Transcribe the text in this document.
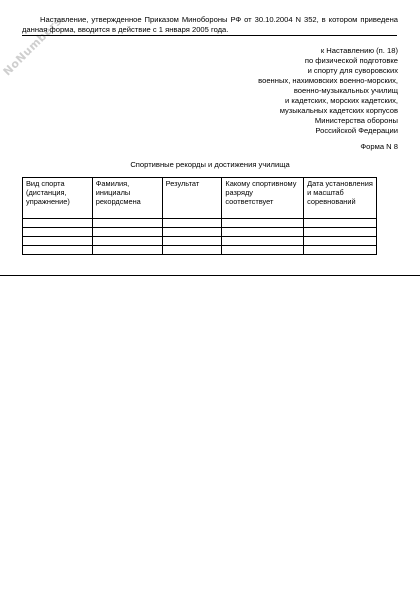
NoNumbers
Наставление, утвержденное Приказом Минобороны РФ от 30.10.2004 N 352, в котором приведена данная форма, вводится в действие с 1 января 2005 года.
к Наставлению (п. 18)
по физической подготовке
и спорту для суворовских
военных, нахимовских военно-морских,
военно-музыкальных училищ
и кадетских, морских кадетских,
музыкальных кадетских корпусов
Министерства обороны
Российской Федерации
Форма N 8
Спортивные рекорды и достижения училища
Вид спорта (дистанция, упражнение)	Фамилия, инициалы рекордсмена	Результат	Какому спортивному разряду соответствует	Дата установления и масштаб соревнований
